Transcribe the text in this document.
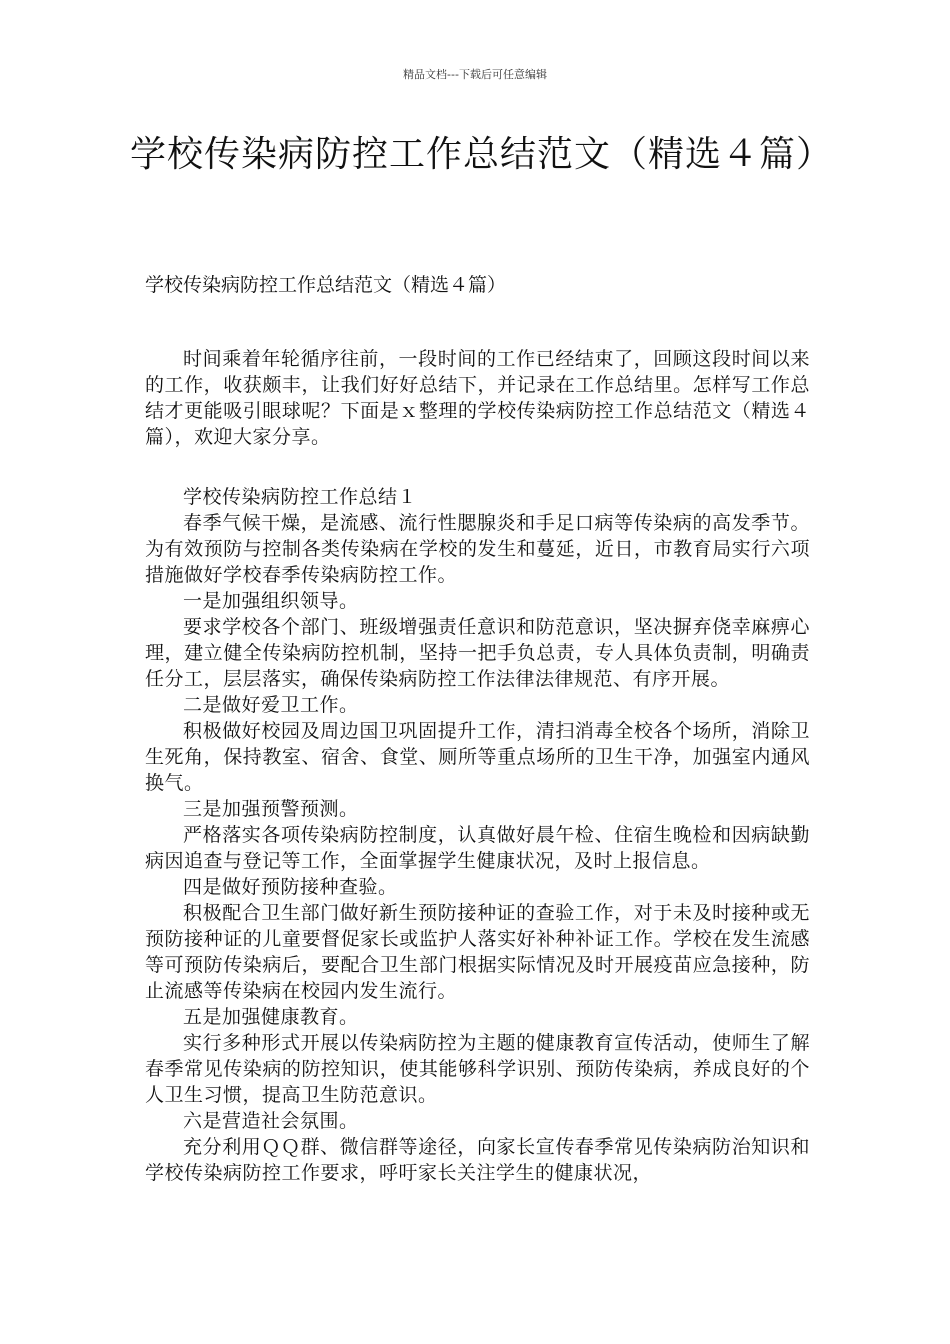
精品文档---下载后可任意编辑
学校传染病防控工作总结范文（精选４篇）

学校传染病防控工作总结范文（精选４篇）

时间乘着年轮循序往前，一段时间的工作已经结束了，回顾这段时间以来的工作，收获颇丰，让我们好好总结下，并记录在工作总结里。怎样写工作总结才更能吸引眼球呢？下面是ｘ整理的学校传染病防控工作总结范文（精选４篇），欢迎大家分享。

学校传染病防控工作总结１

春季气候干燥，是流感、流行性腮腺炎和手足口病等传染病的高发季节。为有效预防与控制各类传染病在学校的发生和蔓延，近日，市教育局实行六项措施做好学校春季传染病防控工作。

一是加强组织领导。

要求学校各个部门、班级增强责任意识和防范意识，坚决摒弃侥幸麻痹心理，建立健全传染病防控机制，坚持一把手负总责，专人具体负责制，明确责任分工，层层落实，确保传染病防控工作法律法律规范、有序开展。

二是做好爱卫工作。

积极做好校园及周边国卫巩固提升工作，清扫消毒全校各个场所，消除卫生死角，保持教室、宿舍、食堂、厕所等重点场所的卫生干净，加强室内通风换气。

三是加强预警预测。

严格落实各项传染病防控制度，认真做好晨午检、住宿生晚检和因病缺勤病因追查与登记等工作，全面掌握学生健康状况，及时上报信息。

四是做好预防接种查验。

积极配合卫生部门做好新生预防接种证的查验工作，对于未及时接种或无预防接种证的儿童要督促家长或监护人落实好补种补证工作。学校在发生流感等可预防传染病后，要配合卫生部门根据实际情况及时开展疫苗应急接种，防止流感等传染病在校园内发生流行。

五是加强健康教育。

实行多种形式开展以传染病防控为主题的健康教育宣传活动，使师生了解春季常见传染病的防控知识，使其能够科学识别、预防传染病，养成良好的个人卫生习惯，提高卫生防范意识。

六是营造社会氛围。

充分利用ＱＱ群、微信群等途径，向家长宣传春季常见传染病防治知识和学校传染病防控工作要求，呼吁家长关注学生的健康状况，
